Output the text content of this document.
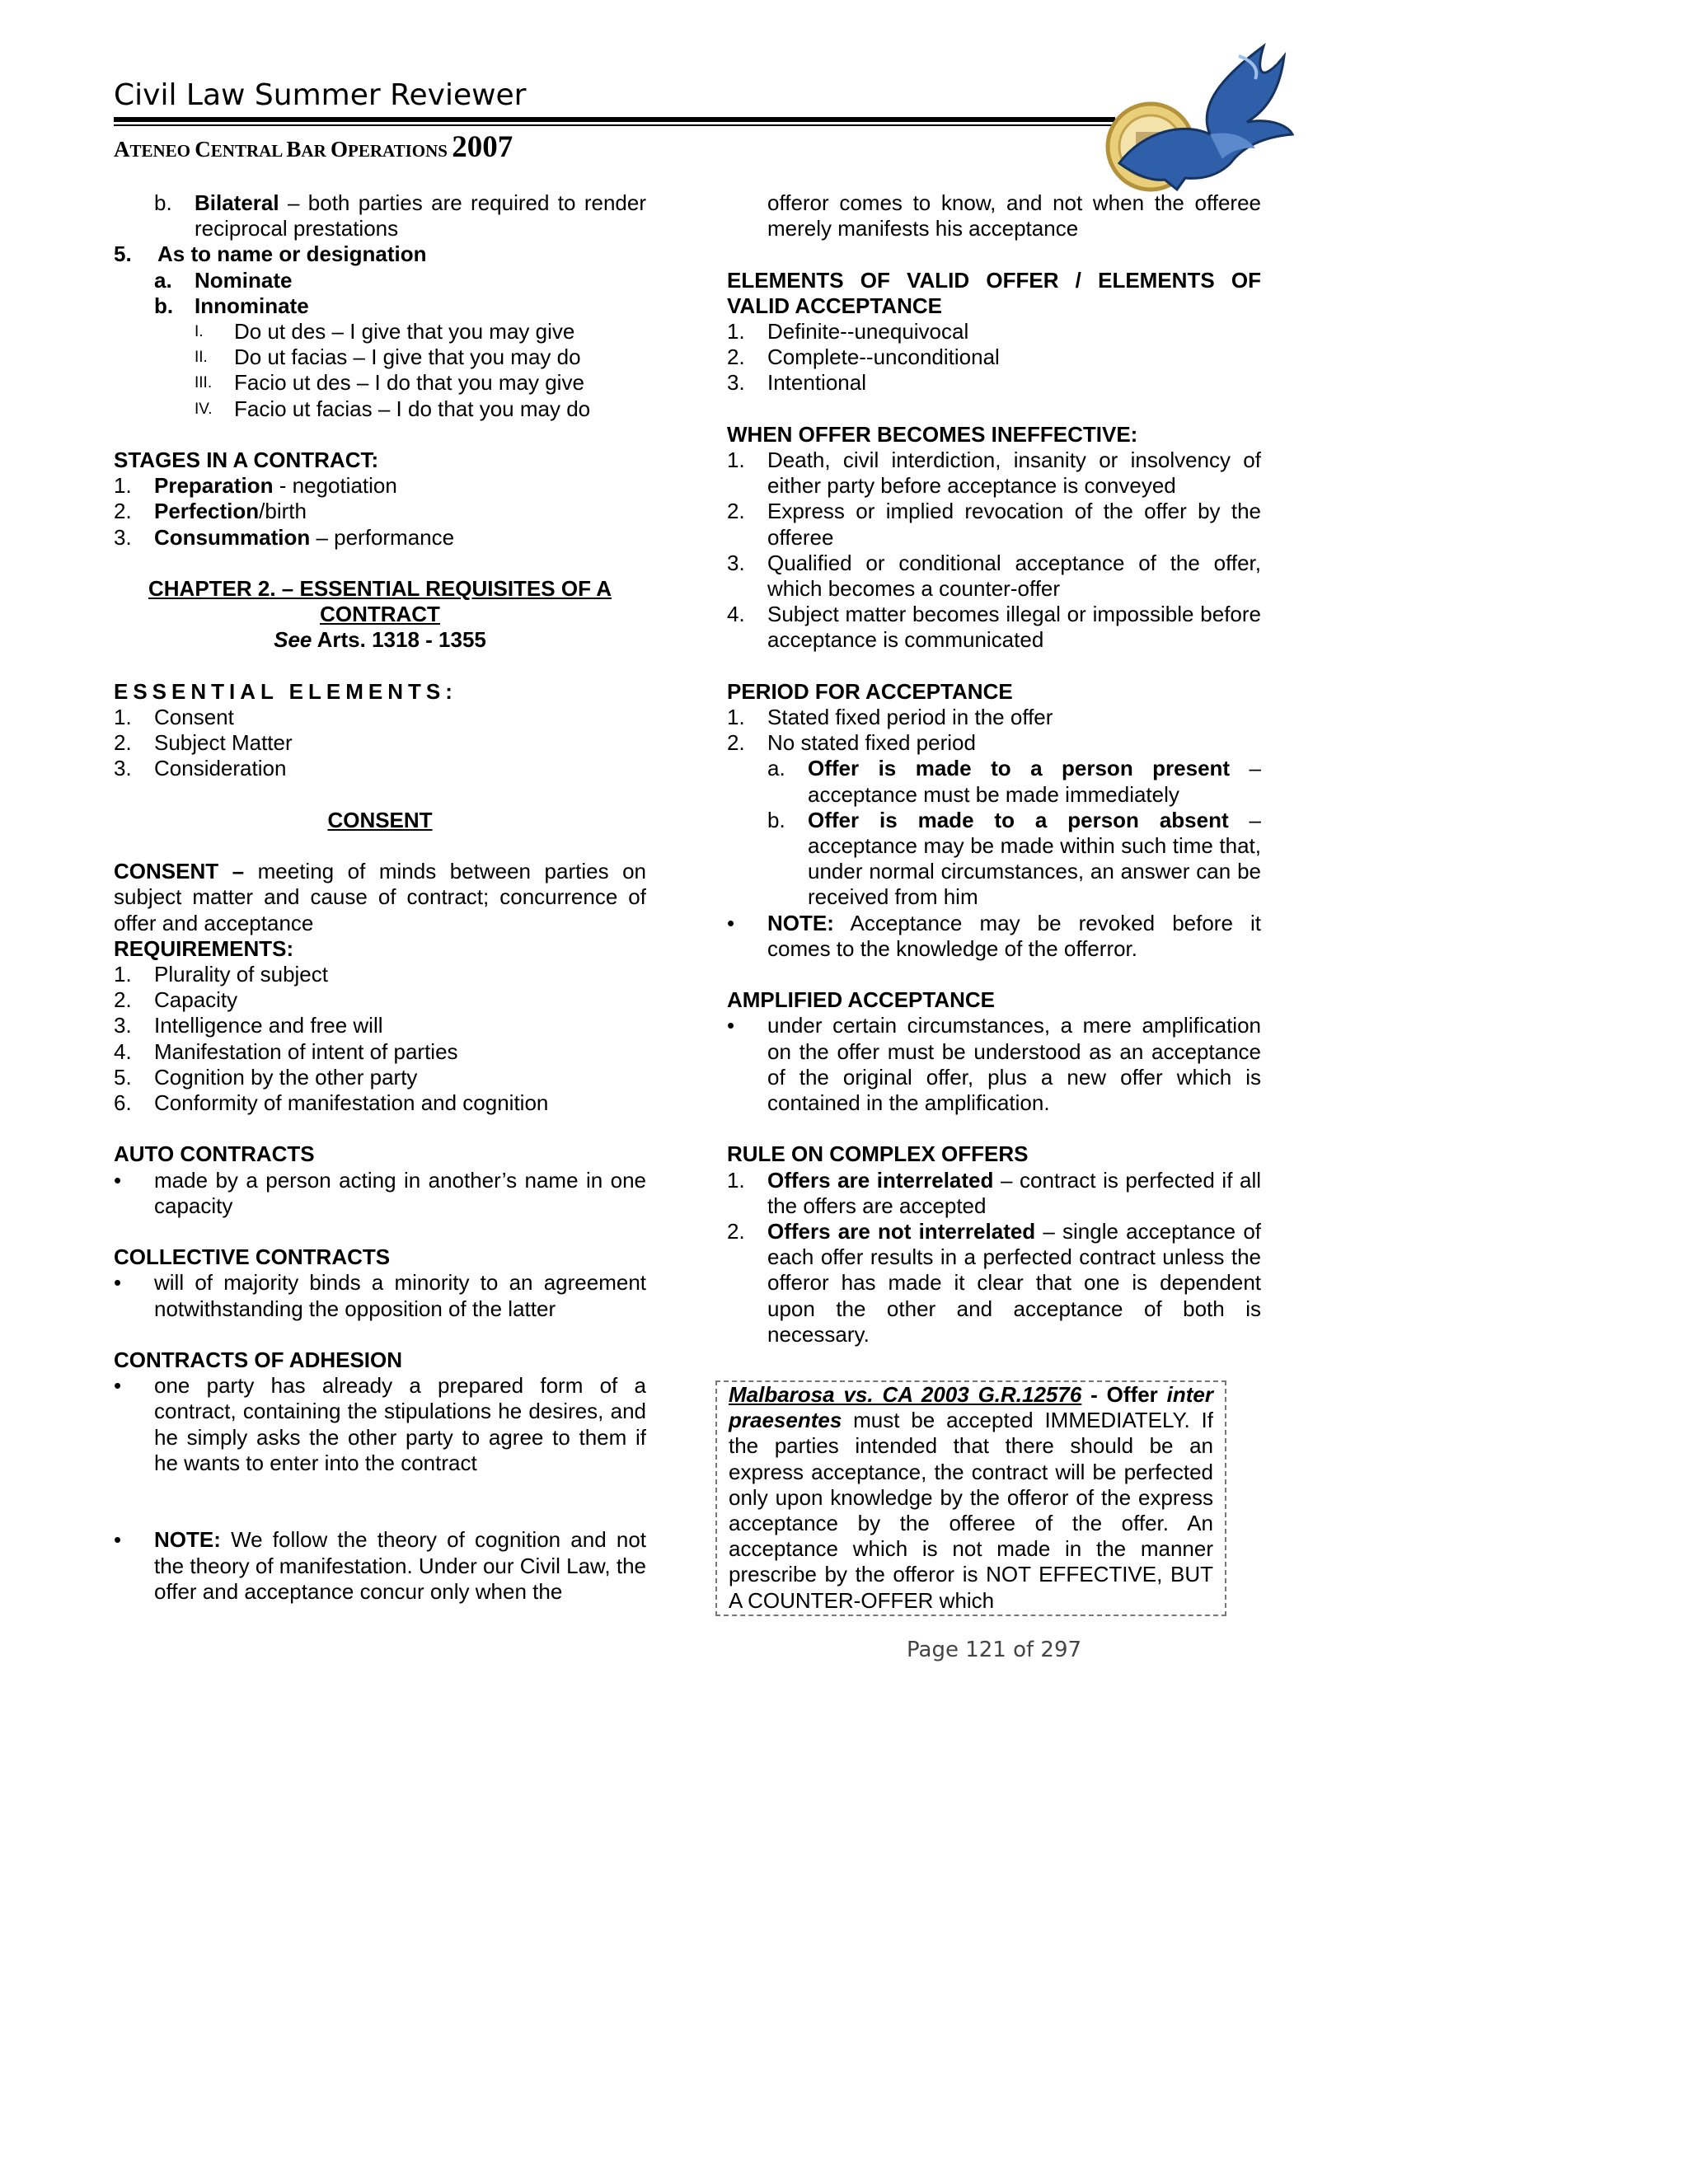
Civil Law Summer Reviewer
ATENEO CENTRAL BAR OPERATIONS 2007
b. Bilateral – both parties are required to render reciprocal prestations
5. As to name or designation
a. Nominate
b. Innominate
I. Do ut des – I give that you may give
II. Do ut facias – I give that you may do
III. Facio ut des – I do that you may give
IV. Facio ut facias – I do that you may do
STAGES IN A CONTRACT:
1. Preparation - negotiation
2. Perfection/birth
3. Consummation – performance
CHAPTER 2. – ESSENTIAL REQUISITES OF A
CONTRACT
See Arts. 1318 - 1355
ESSENTIAL ELEMENTS:
1. Consent
2. Subject Matter
3. Consideration
CONSENT
CONSENT – meeting of minds between parties on subject matter and cause of contract; concurrence of offer and acceptance
REQUIREMENTS:
1. Plurality of subject
2. Capacity
3. Intelligence and free will
4. Manifestation of intent of parties
5. Cognition by the other party
6. Conformity of manifestation and cognition
AUTO CONTRACTS
• made by a person acting in another’s name in one capacity
COLLECTIVE CONTRACTS
• will of majority binds a minority to an agreement notwithstanding the opposition of the latter
CONTRACTS OF ADHESION
• one party has already a prepared form of a contract, containing the stipulations he desires, and he simply asks the other party to agree to them if he wants to enter into the contract
• NOTE: We follow the theory of cognition and not the theory of manifestation. Under our Civil Law, the offer and acceptance concur only when the
offeror comes to know, and not when the offeree merely manifests his acceptance
ELEMENTS OF VALID OFFER / ELEMENTS OF VALID ACCEPTANCE
1. Definite--unequivocal
2. Complete--unconditional
3. Intentional
WHEN OFFER BECOMES INEFFECTIVE:
1. Death, civil interdiction, insanity or insolvency of either party before acceptance is conveyed
2. Express or implied revocation of the offer by the offeree
3. Qualified or conditional acceptance of the offer, which becomes a counter-offer
4. Subject matter becomes illegal or impossible before acceptance is communicated
PERIOD FOR ACCEPTANCE
1. Stated fixed period in the offer
2. No stated fixed period
a. Offer is made to a person present – acceptance must be made immediately
b. Offer is made to a person absent – acceptance may be made within such time that, under normal circumstances, an answer can be received from him
• NOTE: Acceptance may be revoked before it comes to the knowledge of the offerror.
AMPLIFIED ACCEPTANCE
• under certain circumstances, a mere amplification on the offer must be understood as an acceptance of the original offer, plus a new offer which is contained in the amplification.
RULE ON COMPLEX OFFERS
1. Offers are interrelated – contract is perfected if all the offers are accepted
2. Offers are not interrelated – single acceptance of each offer results in a perfected contract unless the offeror has made it clear that one is dependent upon the other and acceptance of both is necessary.
Malbarosa vs. CA 2003 G.R.12576 - Offer inter praesentes must be accepted IMMEDIATELY. If the parties intended that there should be an express acceptance, the contract will be perfected only upon knowledge by the offeror of the express acceptance by the offeree of the offer. An acceptance which is not made in the manner prescribe by the offeror is NOT EFFECTIVE, BUT A COUNTER-OFFER which
Page 121 of 297
